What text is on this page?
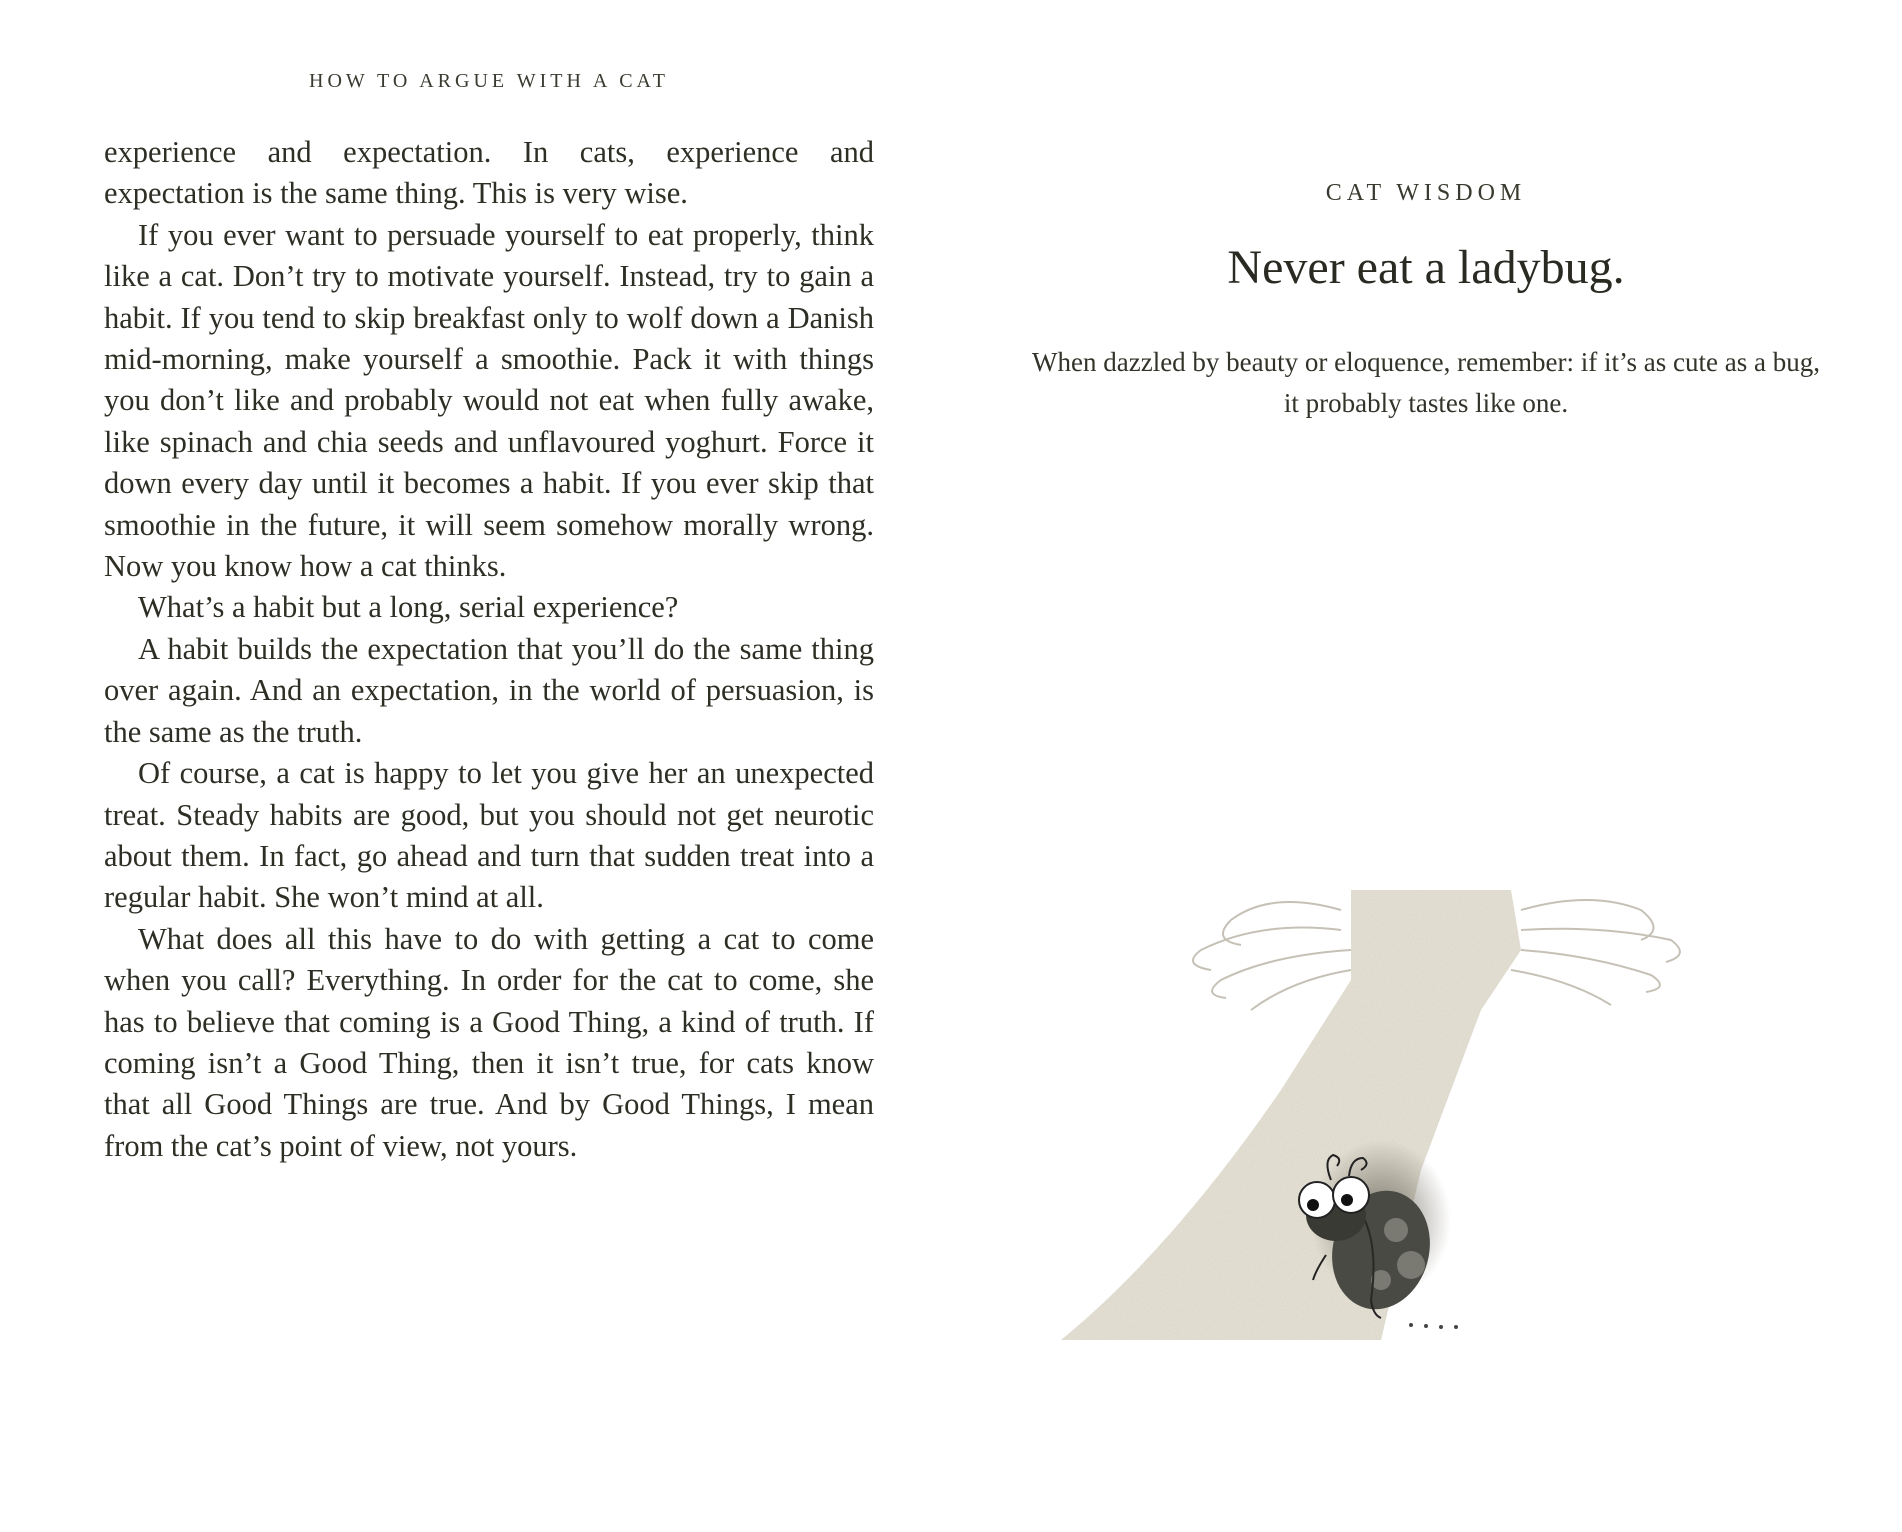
HOW TO ARGUE WITH A CAT

experience and expectation. In cats, experience and expectation is the same thing. This is very wise.

If you ever want to persuade yourself to eat properly, think like a cat. Don’t try to motivate yourself. Instead, try to gain a habit. If you tend to skip breakfast only to wolf down a Danish mid-morning, make yourself a smoothie. Pack it with things you don’t like and probably would not eat when fully awake, like spinach and chia seeds and unflavoured yoghurt. Force it down every day until it becomes a habit. If you ever skip that smoothie in the future, it will seem somehow morally wrong. Now you know how a cat thinks.

What’s a habit but a long, serial experience?

A habit builds the expectation that you’ll do the same thing over again. And an expectation, in the world of persuasion, is the same as the truth.

Of course, a cat is happy to let you give her an unexpected treat. Steady habits are good, but you should not get neurotic about them. In fact, go ahead and turn that sudden treat into a regular habit. She won’t mind at all.

What does all this have to do with getting a cat to come when you call? Everything. In order for the cat to come, she has to believe that coming is a Good Thing, a kind of truth. If coming isn’t a Good Thing, then it isn’t true, for cats know that all Good Things are true. And by Good Things, I mean from the cat’s point of view, not yours.

CAT WISDOM
Never eat a ladybug.
When dazzled by beauty or eloquence, remember: if it’s as cute as a bug, it probably tastes like one.
